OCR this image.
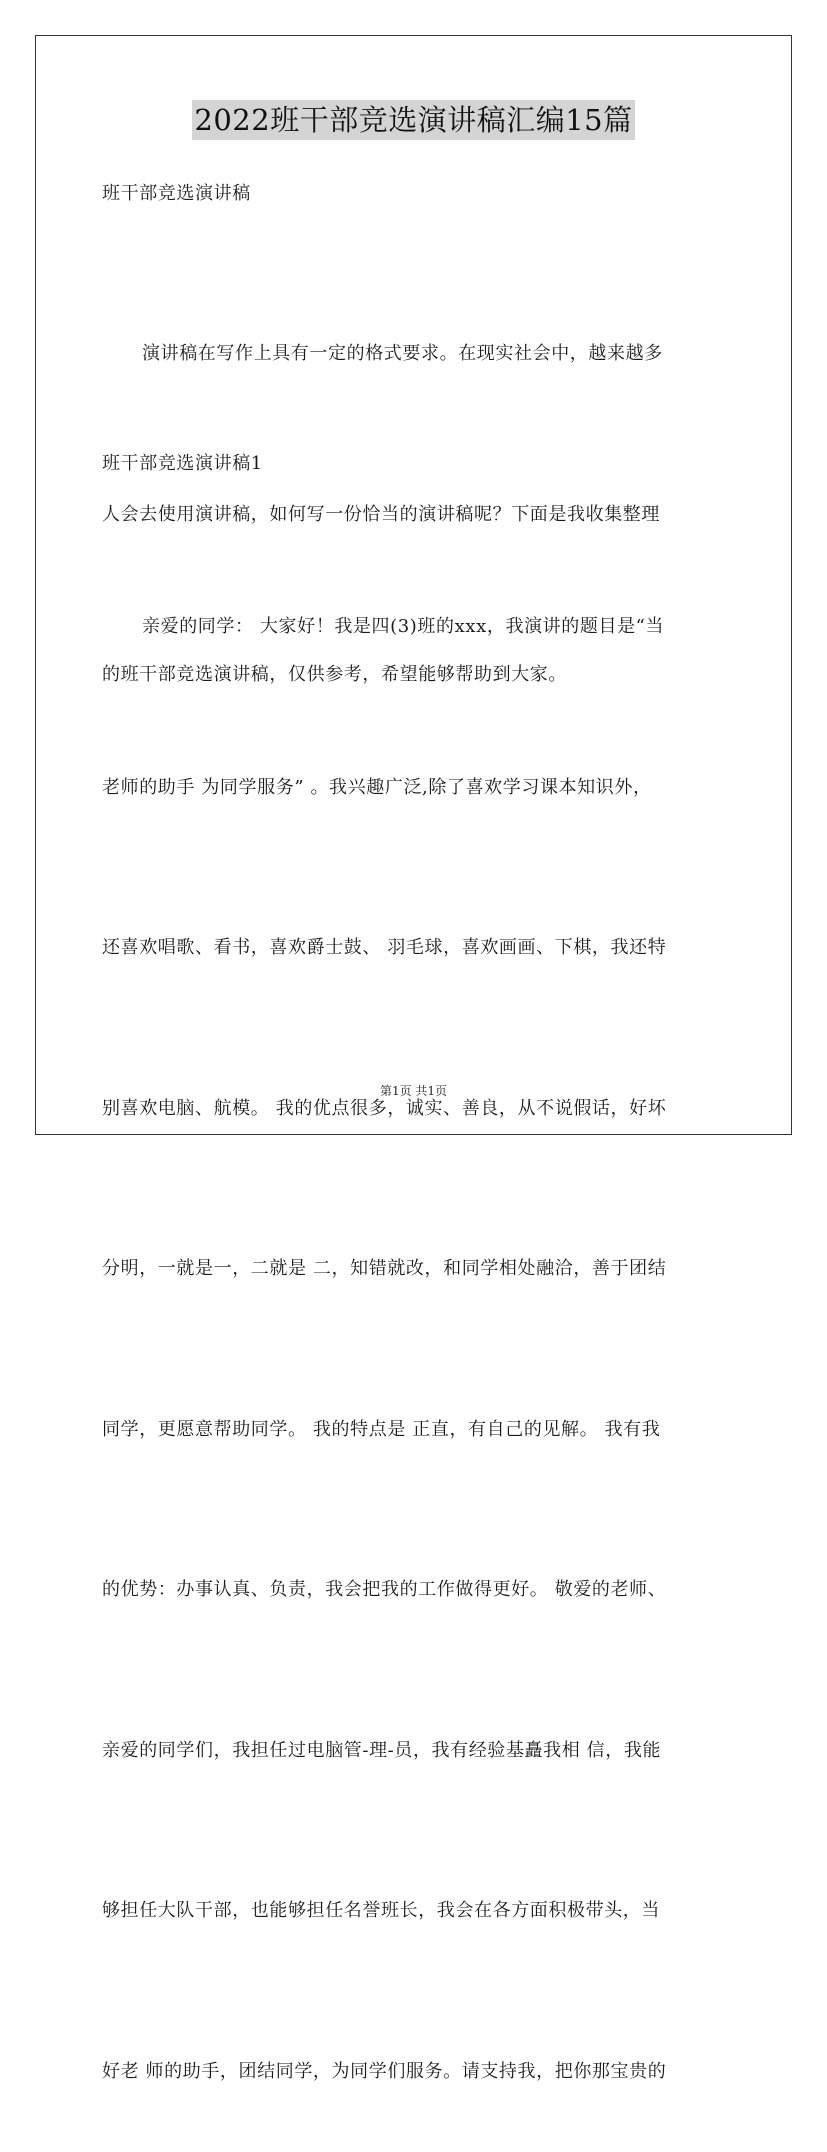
2022班干部竞选演讲稿汇编15篇
班干部竞选演讲稿

演讲稿在写作上具有一定的格式要求。在现实社会中，越来越多

人会去使用演讲稿，如何写一份恰当的演讲稿呢？下面是我收集整理

的班干部竞选演讲稿，仅供参考，希望能够帮助到大家。

班干部竞选演讲稿1

亲爱的同学： 大家好！我是四(3)班的xxx，我演讲的题目是“当

老师的助手 为同学服务” 。我兴趣广泛,除了喜欢学习课本知识外，

还喜欢唱歌、看书，喜欢爵士鼓、 羽毛球，喜欢画画、下棋，我还特

别喜欢电脑、航模。 我的优点很多，诚实、善良，从不说假话，好坏

分明，一就是一，二就是 二，知错就改，和同学相处融洽，善于团结

同学，更愿意帮助同学。 我的特点是 正直，有自己的见解。 我有我

的优势：办事认真、负责，我会把我的工作做得更好。 敬爱的老师、

亲爱的同学们，我担任过电脑管-理-员，我有经验基矗我相 信，我能

够担任大队干部，也能够担任名誉班长，我会在各方面积极带头，当

好老 师的助手，团结同学，为同学们服务。请支持我，把你那宝贵的

第1页 共1页
